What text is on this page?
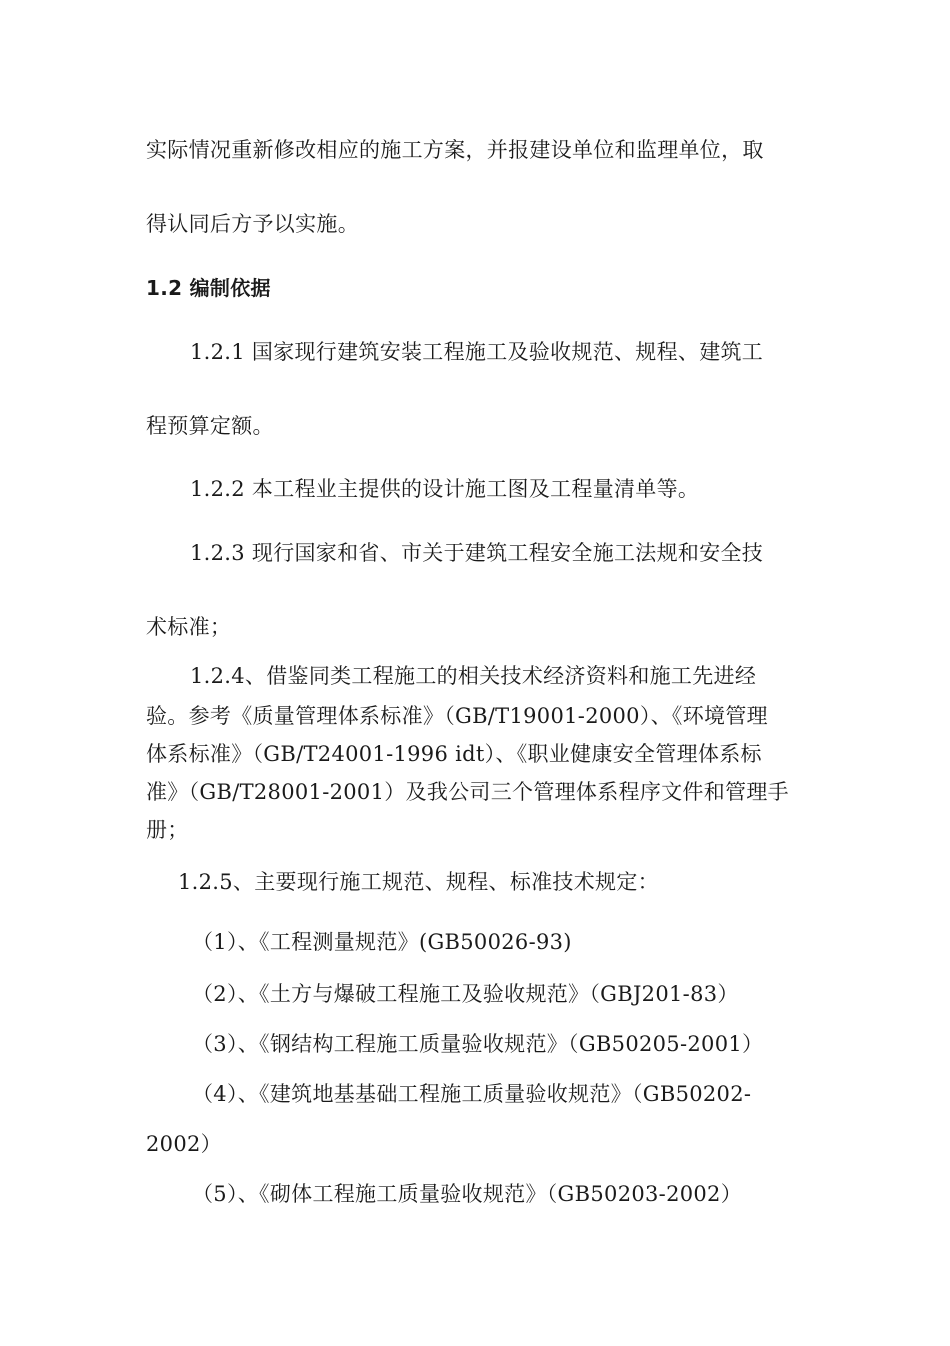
实际情况重新修改相应的施工方案，并报建设单位和监理单位，取
得认同后方予以实施。
1.2 编制依据
1.2.1 国家现行建筑安装工程施工及验收规范、规程、建筑工
程预算定额。
1.2.2 本工程业主提供的设计施工图及工程量清单等。
1.2.3 现行国家和省、市关于建筑工程安全施工法规和安全技
术标准；
1.2.4、借鉴同类工程施工的相关技术经济资料和施工先进经
验。参考《质量管理体系标准》（GB/T19001-2000）、《环境管理
体系标准》（GB/T24001-1996 idt）、《职业健康安全管理体系标
准》（GB/T28001-2001）及我公司三个管理体系程序文件和管理手
册；
1.2.5、主要现行施工规范、规程、标准技术规定：
（1）、《工程测量规范》(GB50026-93)
（2）、《土方与爆破工程施工及验收规范》（GBJ201-83）
（3）、《钢结构工程施工质量验收规范》（GB50205-2001）
（4）、《建筑地基基础工程施工质量验收规范》（GB50202-
2002）
（5）、《砌体工程施工质量验收规范》（GB50203-2002）
